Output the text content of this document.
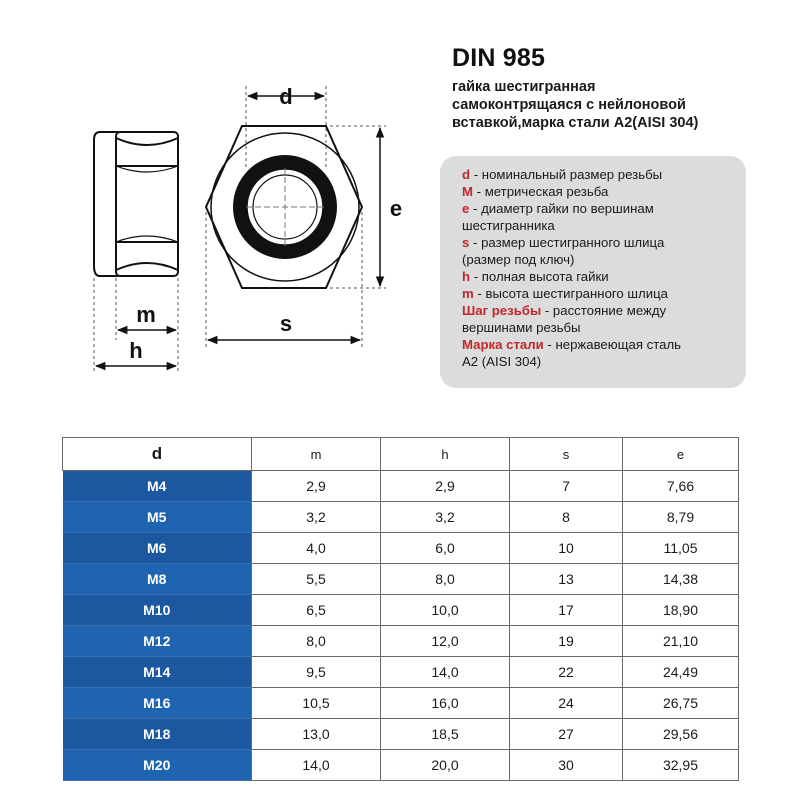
m
h
d
e
s
DIN 985
гайка шестигранная
самоконтрящаяся с нейлоновой
вставкой,марка стали А2(AISI 304)
d - номинальный размер резьбы
M - метрическая резьба
e - диаметр гайки по вершинам
шестигранника
s - размер шестигранного шлица
(размер под ключ)
h - полная высота гайки
m - высота шестигранного шлица
Шаг резьбы - расстояние между
вершинами резьбы
Марка стали - нержавеющая сталь
А2 (AISI 304)
d	m	h	s	e
M4	2,9	2,9	7	7,66
M5	3,2	3,2	8	8,79
M6	4,0	6,0	10	11,05
M8	5,5	8,0	13	14,38
M10	6,5	10,0	17	18,90
M12	8,0	12,0	19	21,10
M14	9,5	14,0	22	24,49
M16	10,5	16,0	24	26,75
M18	13,0	18,5	27	29,56
M20	14,0	20,0	30	32,95
